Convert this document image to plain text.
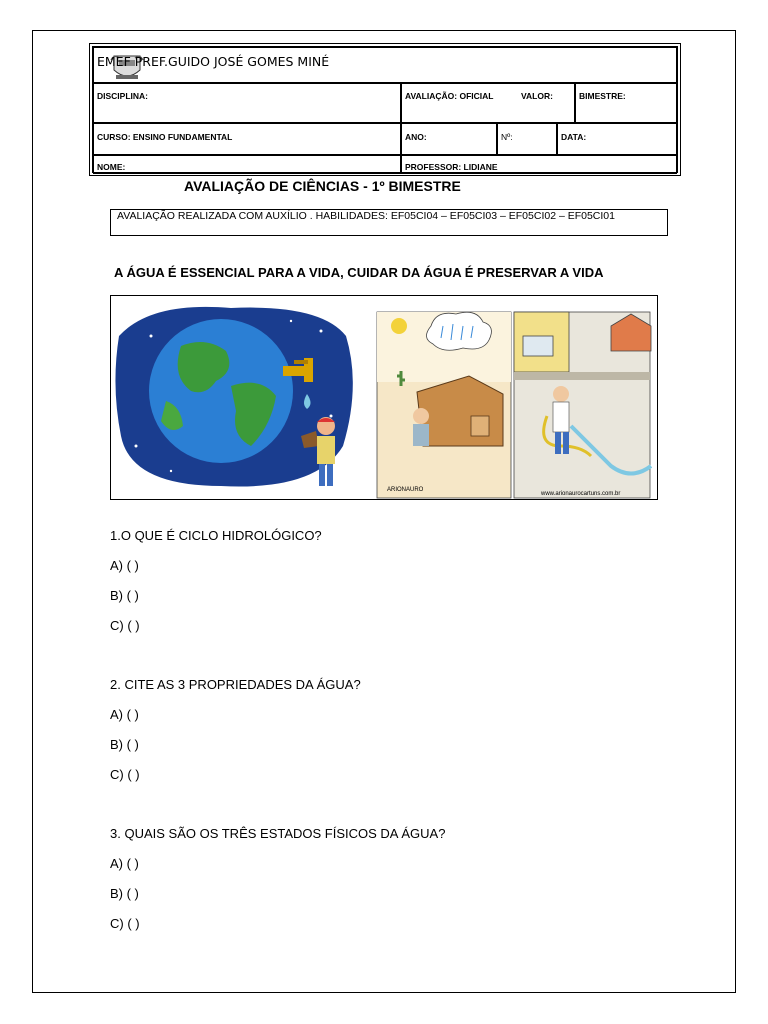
EMEF PREF.GUIDO JOSÉ GOMES MINÉ
DISCIPLINA:	AVALIAÇÃO: OFICIAL	VALOR:	BIMESTRE:
CURSO: ENSINO FUNDAMENTAL	ANO:	Nº:	DATA:
NOME:	PROFESSOR: LIDIANE
AVALIAÇÃO DE CIÊNCIAS - 1º BIMESTRE
AVALIAÇÃO REALIZADA COM AUXÍLIO . HABILIDADES: EF05CI04 – EF05CI03 – EF05CI02 – EF05CI01
A ÁGUA É ESSENCIAL PARA A VIDA, CUIDAR DA ÁGUA É PRESERVAR A VIDA
ARIONAURO
www.arionaurocartuns.com.br
1.O QUE É CICLO HIDROLÓGICO?
A) ( )
B) ( )
C) ( )
2. CITE AS 3 PROPRIEDADES DA ÁGUA?
A) ( )
B) ( )
C) ( )
3. QUAIS SÃO OS TRÊS ESTADOS FÍSICOS DA ÁGUA?
A) ( )
B) ( )
C) ( )
